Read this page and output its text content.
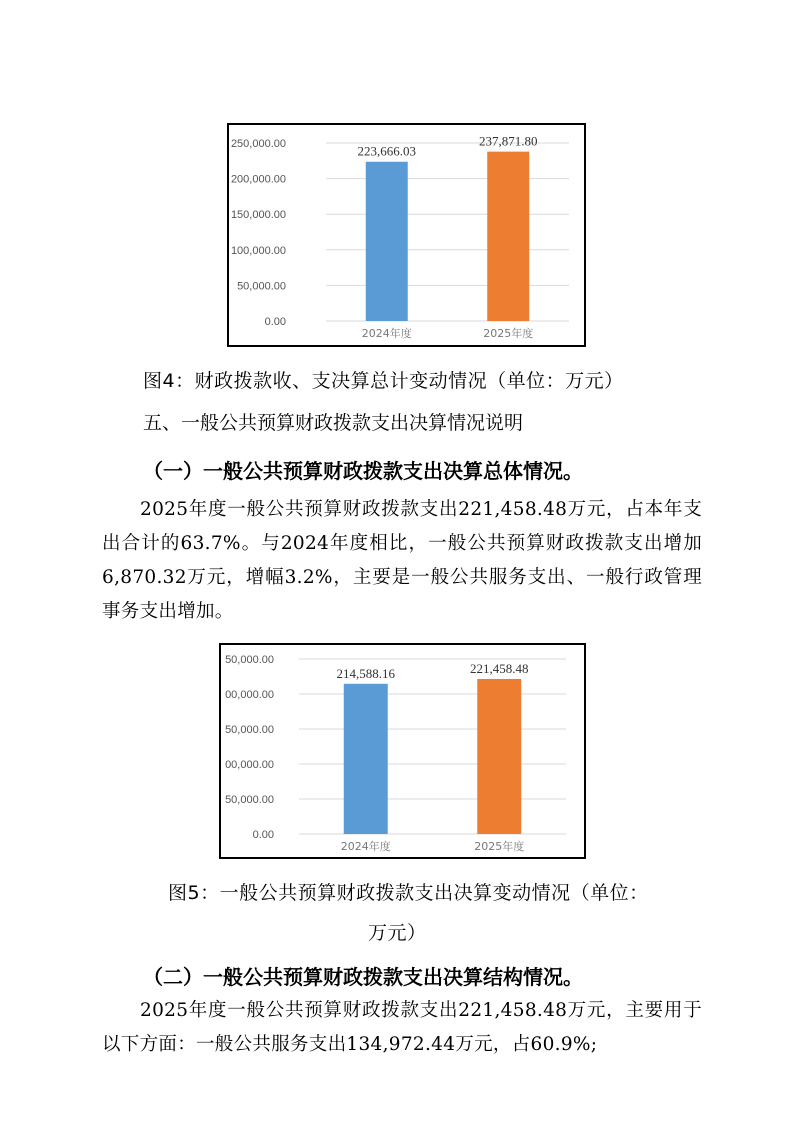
0.00
50,000.00
100,000.00
150,000.00
200,000.00
250,000.00	223,666.03
2024年度
237,871.80
2025年度
图4：财政拨款收、支决算总计变动情况（单位：万元）
五、一般公共预算财政拨款支出决算情况说明
（一）一般公共预算财政拨款支出决算总体情况。

2025年度一般公共预算财政拨款支出221,458.48万元，占本年支出合计的63.7%。与2024年度相比，一般公共预算财政拨款支出增加6,870.32万元，增幅3.2%，主要是一般公共服务支出、一般行政管理事务支出增加。

0.00
50,000.00
00,000.00
50,000.00
00,000.00
50,000.00
214,588.16
2024年度
221,458.48
2025年度
图5：一般公共预算财政拨款支出决算变动情况（单位：
万元）
（二）一般公共预算财政拨款支出决算结构情况。

2025年度一般公共预算财政拨款支出221,458.48万元，主要用于以下方面：一般公共服务支出134,972.44万元，占60.9%;
